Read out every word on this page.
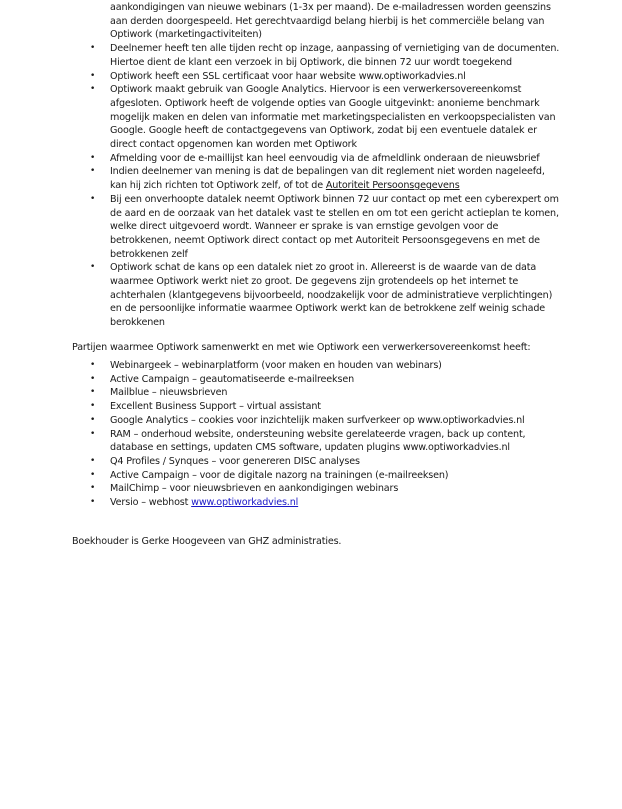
aankondigingen van nieuwe webinars (1-3x per maand). De e-mailadressen worden geenszins
aan derden doorgespeeld. Het gerechtvaardigd belang hierbij is het commerciële belang van
Optiwork (marketingactiviteiten)
•	Deelnemer heeft ten alle tijden recht op inzage, aanpassing of vernietiging van de documenten. Hiertoe dient de klant een verzoek in bij Optiwork, die binnen 72 uur wordt toegekend
•	Optiwork heeft een SSL certificaat voor haar website www.optiworkadvies.nl
•	Optiwork maakt gebruik van Google Analytics. Hiervoor is een verwerkersovereenkomst afgesloten. Optiwork heeft de volgende opties van Google uitgevinkt: anonieme benchmark mogelijk maken en delen van informatie met marketingspecialisten en verkoopspecialisten van Google. Google heeft de contactgegevens van Optiwork, zodat bij een eventuele datalek er direct contact opgenomen kan worden met Optiwork
•	Afmelding voor de e-maillijst kan heel eenvoudig via de afmeldlink onderaan de nieuwsbrief
•	Indien deelnemer van mening is dat de bepalingen van dit reglement niet worden nageleefd, kan hij zich richten tot Optiwork zelf, of tot de Autoriteit Persoonsgegevens
•	Bij een onverhoopte datalek neemt Optiwork binnen 72 uur contact op met een cyberexpert om de aard en de oorzaak van het datalek vast te stellen en om tot een gericht actieplan te komen, welke direct uitgevoerd wordt. Wanneer er sprake is van ernstige gevolgen voor de betrokkenen, neemt Optiwork direct contact op met Autoriteit Persoonsgegevens en met de betrokkenen zelf
•	Optiwork schat de kans op een datalek niet zo groot in. Allereerst is de waarde van de data waarmee Optiwork werkt niet zo groot. De gegevens zijn grotendeels op het internet te achterhalen (klantgegevens bijvoorbeeld, noodzakelijk voor de administratieve verplichtingen) en de persoonlijke informatie waarmee Optiwork werkt kan de betrokkene zelf weinig schade berokkenen

Partijen waarmee Optiwork samenwerkt en met wie Optiwork een verwerkersovereenkomst heeft:

•	Webinargeek – webinarplatform (voor maken en houden van webinars)
•	Active Campaign – geautomatiseerde e-mailreeksen
•	Mailblue – nieuwsbrieven
•	Excellent Business Support – virtual assistant
•	Google Analytics – cookies voor inzichtelijk maken surfverkeer op www.optiworkadvies.nl
•	RAM – onderhoud website, ondersteuning website gerelateerde vragen, back up content, database en settings, updaten CMS software, updaten plugins www.optiworkadvies.nl
•	Q4 Profiles / Synques – voor genereren DISC analyses
•	Active Campaign – voor de digitale nazorg na trainingen (e-mailreeksen)
•	MailChimp – voor nieuwsbrieven en aankondigingen webinars
•	Versio – webhost www.optiworkadvies.nl

Boekhouder is Gerke Hoogeveen van GHZ administraties.
